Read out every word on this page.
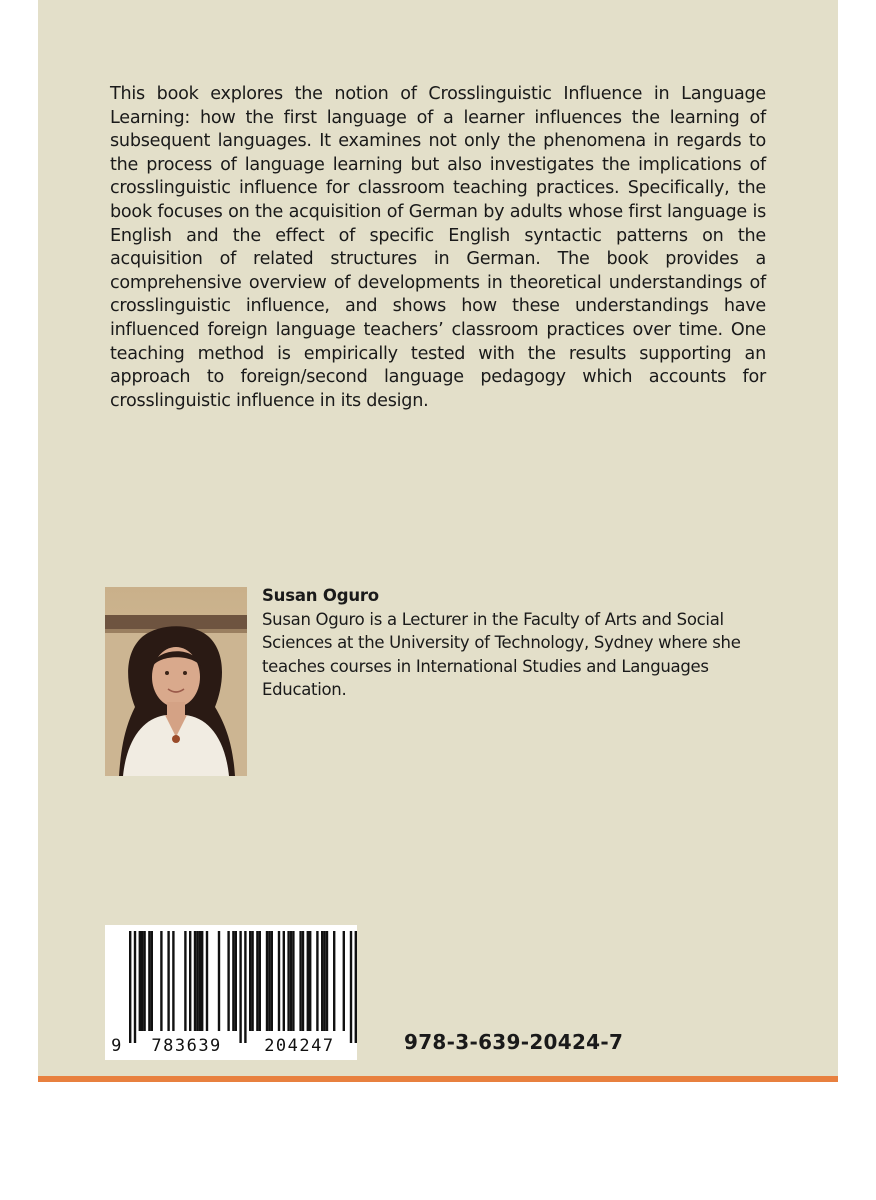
This book explores the notion of Crosslinguistic Influence in Language Learning: how the first language of a learner influences the learning of subsequent languages. It examines not only the phenomena in regards to the process of language learning but also investigates the implications of crosslinguistic influence for classroom teaching practices. Specifically, the book focuses on the acquisition of German by adults whose first language is English and the effect of specific English syntactic patterns on the acquisition of related structures in German. The book provides a comprehensive overview of developments in theoretical understandings of crosslinguistic influence, and shows how these understandings have influenced foreign language teachers’ classroom practices over time. One teaching method is empirically tested with the results supporting an approach to foreign/second language pedagogy which accounts for crosslinguistic influence in its design.

Susan Oguro

Susan Oguro is a Lecturer in the Faculty of Arts and Social Sciences at the University of Technology, Sydney where she teaches courses in International Studies and Languages Education.

9 783639 204247	978-3-639-20424-7
